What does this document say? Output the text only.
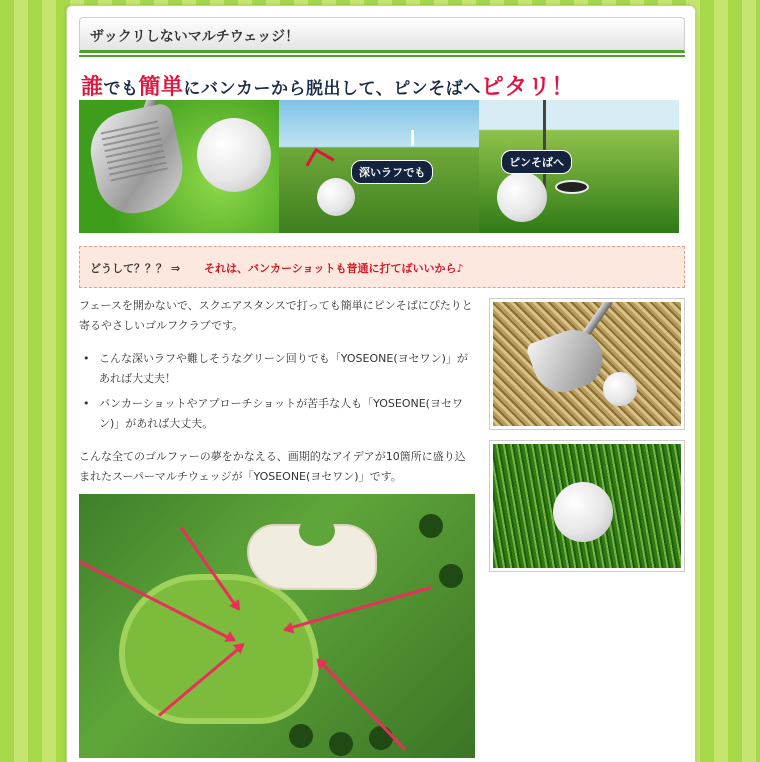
ザックリしないマルチウェッジ！
誰でも簡単にバンカーから脱出して、ピンそばへピタリ！
深いラフでも
ピンそばへ
どうして？？？ ⇒ それは、バンカーショットも普通に打てばいいから♪

フェースを開かないで、スクエアスタンスで打っても簡単にピンそばにぴたりと寄るやさしいゴルフクラブです。

• こんな深いラフや難しそうなグリーン回りでも「YOSEONE(ヨセワン)」があれば大丈夫！
• バンカーショットやアプローチショットが苦手な人も「YOSEONE(ヨセワン)」があれば大丈夫。

こんな全てのゴルファーの夢をかなえる、画期的なアイデアが10箇所に盛り込まれたスーパーマルチウェッジが「YOSEONE(ヨセワン)」です。
